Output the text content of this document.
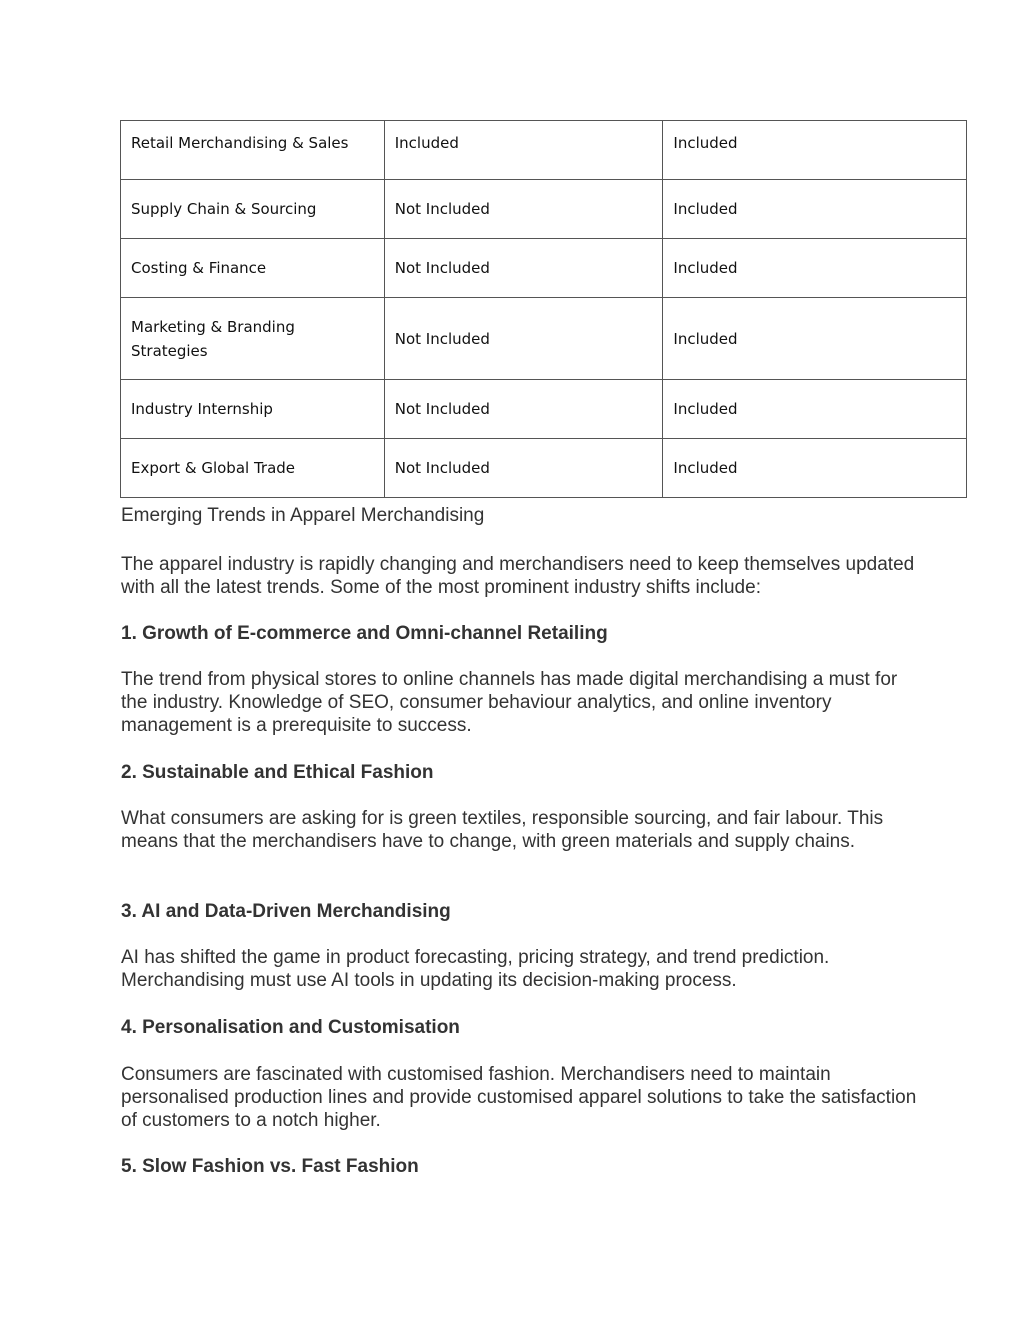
Retail Merchandising & Sales	Included	Included
Supply Chain & Sourcing	Not Included	Included
Costing & Finance	Not Included	Included
Marketing & Branding Strategies	Not Included	Included
Industry Internship	Not Included	Included
Export & Global Trade	Not Included	Included

Emerging Trends in Apparel Merchandising

The apparel industry is rapidly changing and merchandisers need to keep themselves updated with all the latest trends. Some of the most prominent industry shifts include:

1. Growth of E-commerce and Omni-channel Retailing

The trend from physical stores to online channels has made digital merchandising a must for the industry. Knowledge of SEO, consumer behaviour analytics, and online inventory management is a prerequisite to success.

2. Sustainable and Ethical Fashion

What consumers are asking for is green textiles, responsible sourcing, and fair labour. This means that the merchandisers have to change, with green materials and supply chains.

3. AI and Data-Driven Merchandising

AI has shifted the game in product forecasting, pricing strategy, and trend prediction. Merchandising must use AI tools in updating its decision-making process.

4. Personalisation and Customisation

Consumers are fascinated with customised fashion. Merchandisers need to maintain personalised production lines and provide customised apparel solutions to take the satisfaction of customers to a notch higher.

5. Slow Fashion vs. Fast Fashion
